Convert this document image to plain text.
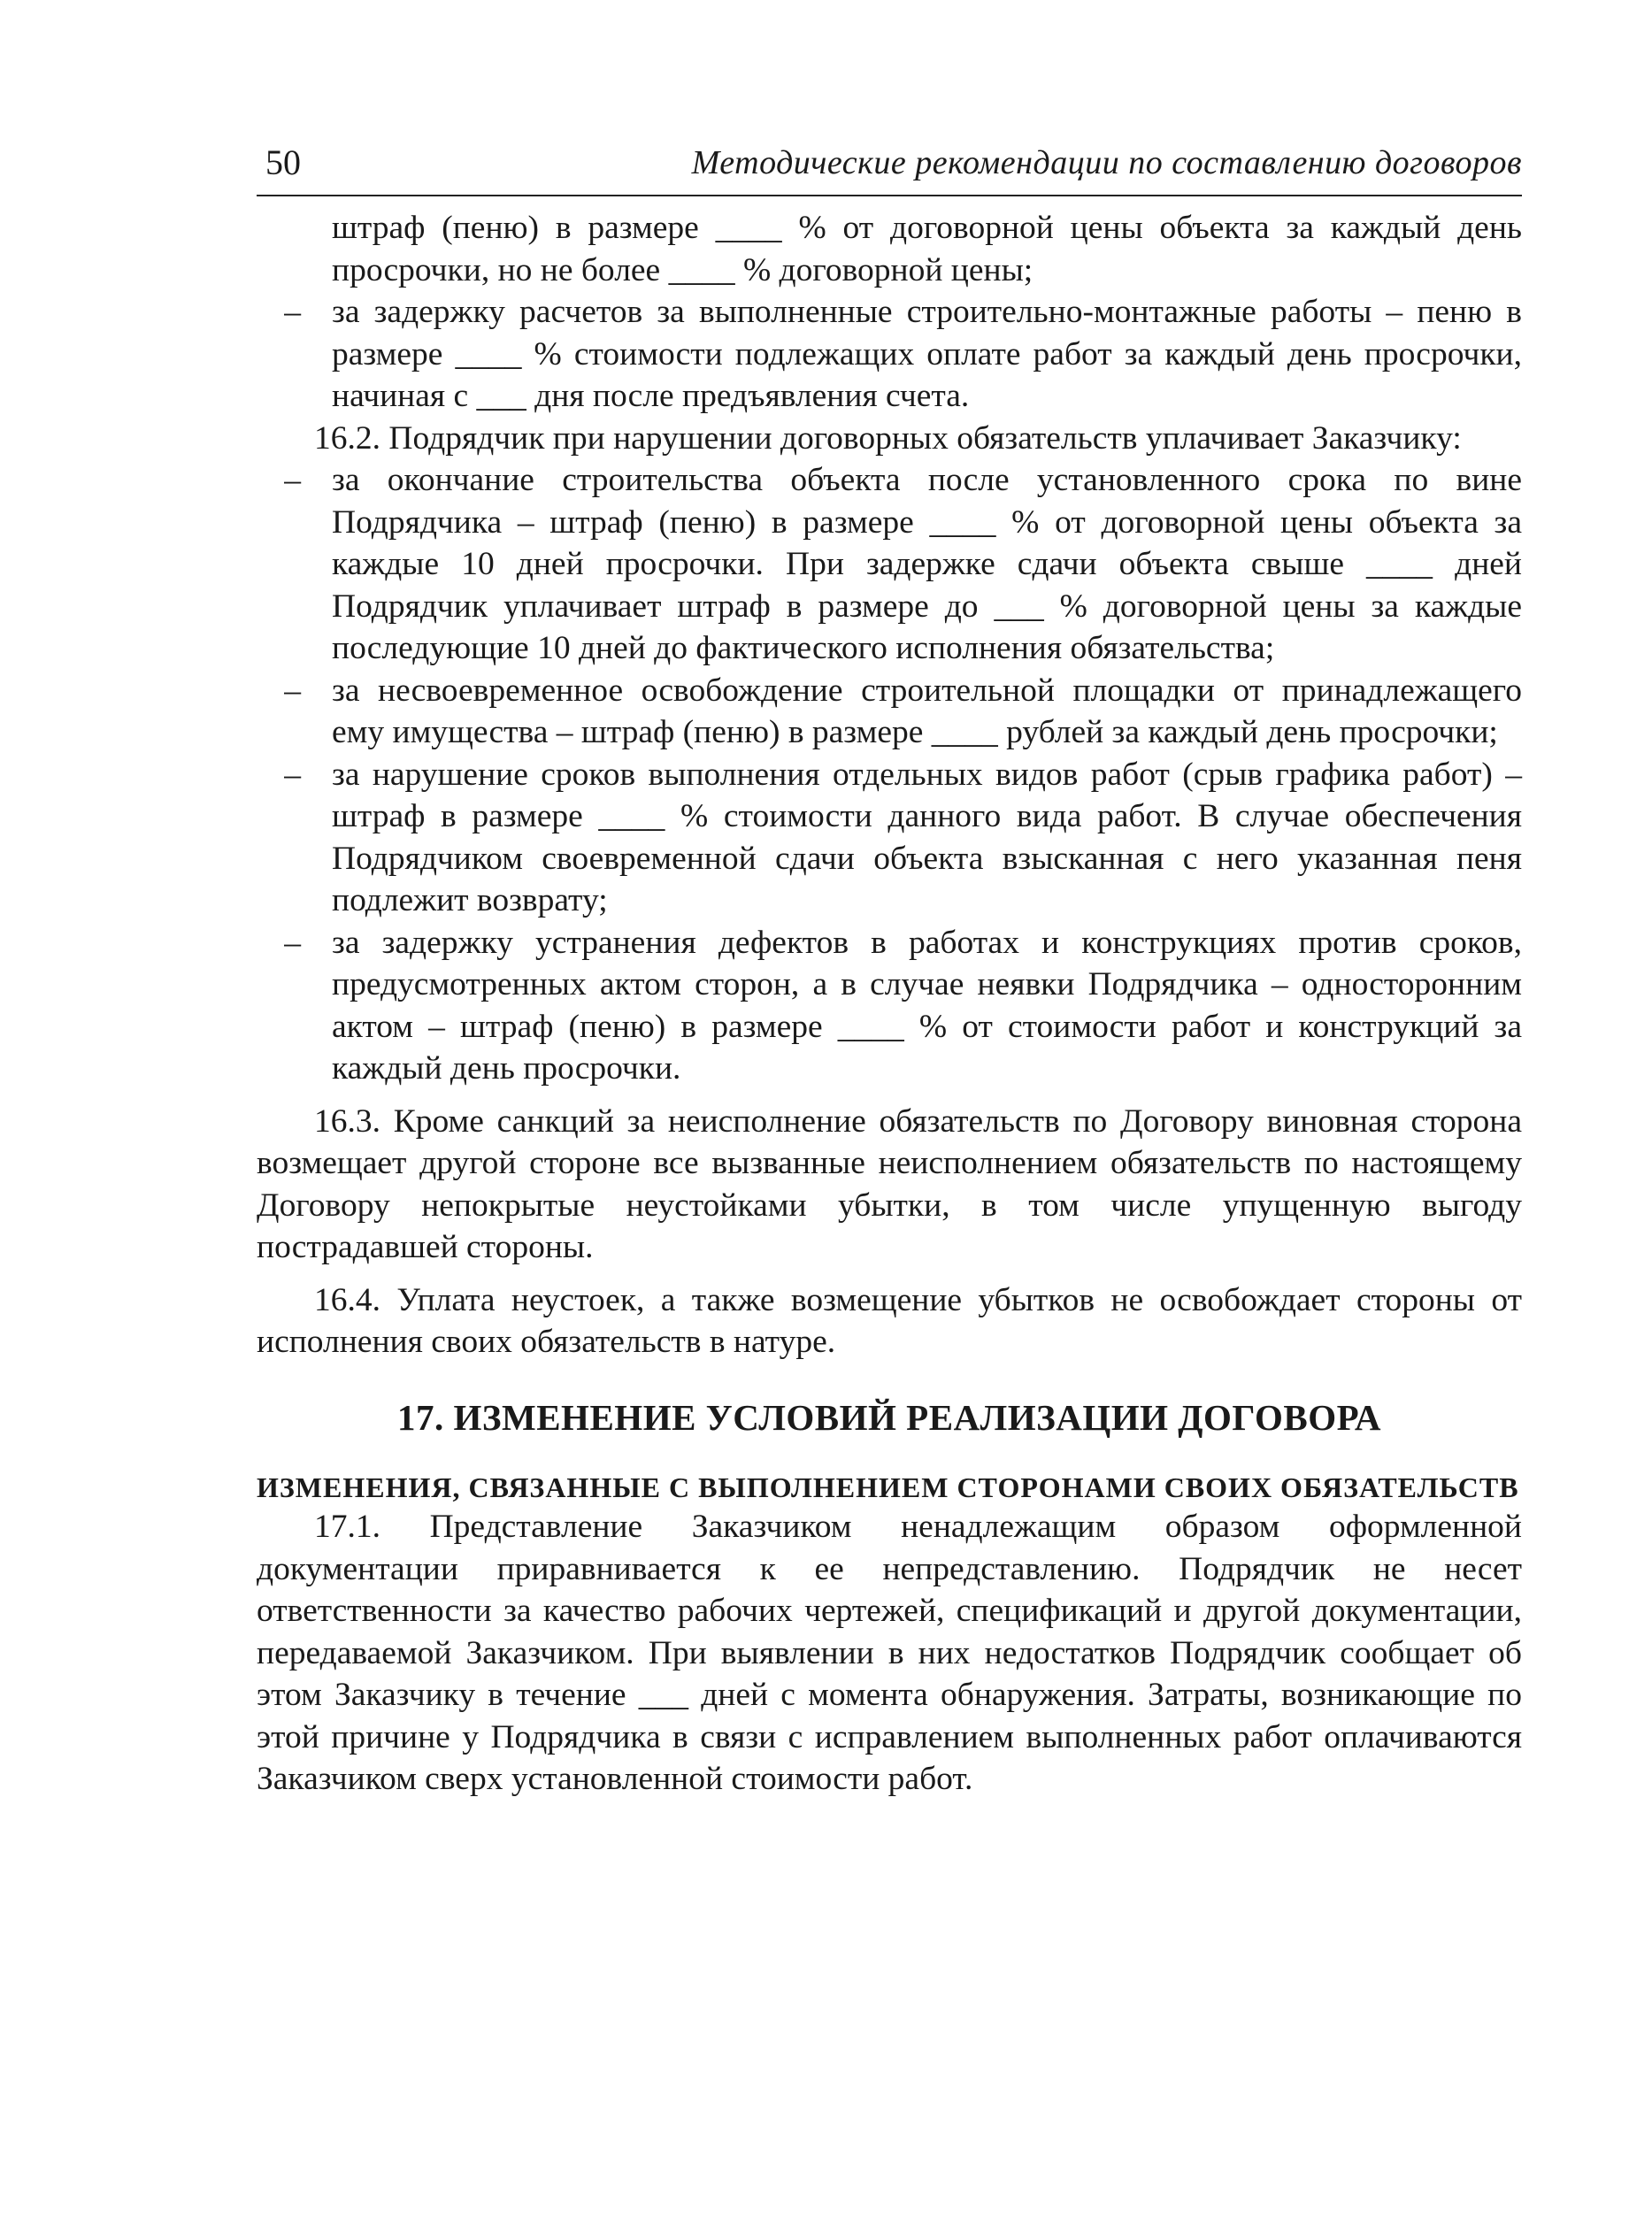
50	Методические рекомендации по составлению договоров

штраф (пеню) в размере ____ % от договорной цены объекта за каждый день просрочки, но не более ____ % договорной цены;

за задержку расчетов за выполненные строительно-монтажные работы – пеню в размере ____ % стоимости подлежащих оплате работ за каждый день просрочки, начиная с ___ дня после предъявления счета.

16.2. Подрядчик при нарушении договорных обязательств уплачивает Заказчику:

за окончание строительства объекта после установленного срока по вине Подрядчика – штраф (пеню) в размере ____ % от договорной цены объекта за каждые 10 дней просрочки. При задержке сдачи объекта свыше ____ дней Подрядчик уплачивает штраф в размере до ___ % договорной цены за каждые последующие 10 дней до фактического исполнения обязательства;

за несвоевременное освобождение строительной площадки от принадлежащего ему имущества – штраф (пеню) в размере ____ рублей за каждый день просрочки;

за нарушение сроков выполнения отдельных видов работ (срыв графика работ) – штраф в размере ____ % стоимости данного вида работ. В случае обеспечения Подрядчиком своевременной сдачи объекта взысканная с него указанная пеня подлежит возврату;

за задержку устранения дефектов в работах и конструкциях против сроков, предусмотренных актом сторон, а в случае неявки Подрядчика – односторонним актом – штраф (пеню) в размере ____ % от стоимости работ и конструкций за каждый день просрочки.

16.3. Кроме санкций за неисполнение обязательств по Договору виновная сторона возмещает другой стороне все вызванные неисполнением обязательств по настоящему Договору непокрытые неустойками убытки, в том числе упущенную выгоду пострадавшей стороны.

16.4. Уплата неустоек, а также возмещение убытков не освобождает стороны от исполнения своих обязательств в натуре.

17. ИЗМЕНЕНИЕ УСЛОВИЙ РЕАЛИЗАЦИИ ДОГОВОРА
ИЗМЕНЕНИЯ, СВЯЗАННЫЕ С ВЫПОЛНЕНИЕМ СТОРОНАМИ СВОИХ ОБЯЗАТЕЛЬСТВ

17.1. Представление Заказчиком ненадлежащим образом оформленной документации приравнивается к ее непредставлению. Подрядчик не несет ответственности за качество рабочих чертежей, спецификаций и другой документации, передаваемой Заказчиком. При выявлении в них недостатков Подрядчик сообщает об этом Заказчику в течение ___ дней с момента обнаружения. Затраты, возникающие по этой причине у Подрядчика в связи с исправлением выполненных работ оплачиваются Заказчиком сверх установленной стоимости работ.
